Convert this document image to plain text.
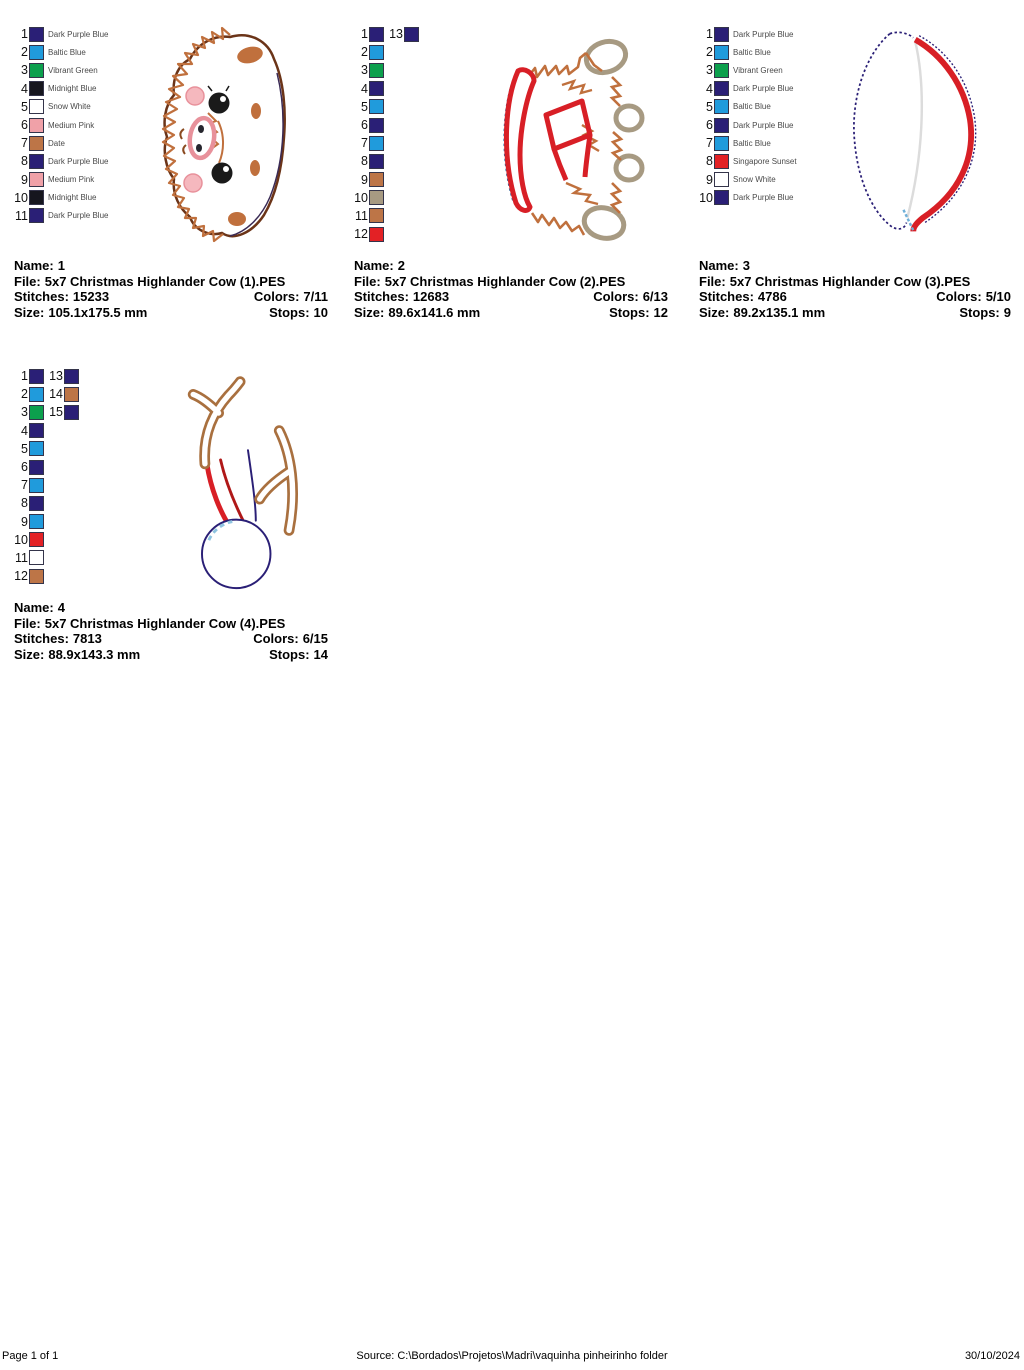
1	Dark Purple Blue
2	Baltic Blue
3	Vibrant Green
4	Midnight Blue
5	Snow White
6	Medium Pink
7	Date
8	Dark Purple Blue
9	Medium Pink
10	Midnight Blue
11	Dark Purple Blue
Name: 1
File: 5x7 Christmas Highlander Cow (1).PES
Stitches: 15233	Colors: 7/11
Size: 105.1x175.5 mm	Stops: 10
1 13
2
3
4
5
6
7
8
9
10
11
12
Name: 2
File: 5x7 Christmas Highlander Cow (2).PES
Stitches: 12683	Colors: 6/13
Size: 89.6x141.6 mm	Stops: 12
1	Dark Purple Blue
2	Baltic Blue
3	Vibrant Green
4	Dark Purple Blue
5	Baltic Blue
6	Dark Purple Blue
7	Baltic Blue
8	Singapore Sunset
9	Snow White
10	Dark Purple Blue
Name: 3
File: 5x7 Christmas Highlander Cow (3).PES
Stitches: 4786	Colors: 5/10
Size: 89.2x135.1 mm	Stops: 9
1 13
2 14
3 15
4
5
6
7
8
9
10
11
12
Name: 4
File: 5x7 Christmas Highlander Cow (4).PES
Stitches: 7813	Colors: 6/15
Size: 88.9x143.3 mm	Stops: 14
Page 1 of 1	Source: C:\Bordados\Projetos\Madri\vaquinha pinheirinho folder	30/10/2024
